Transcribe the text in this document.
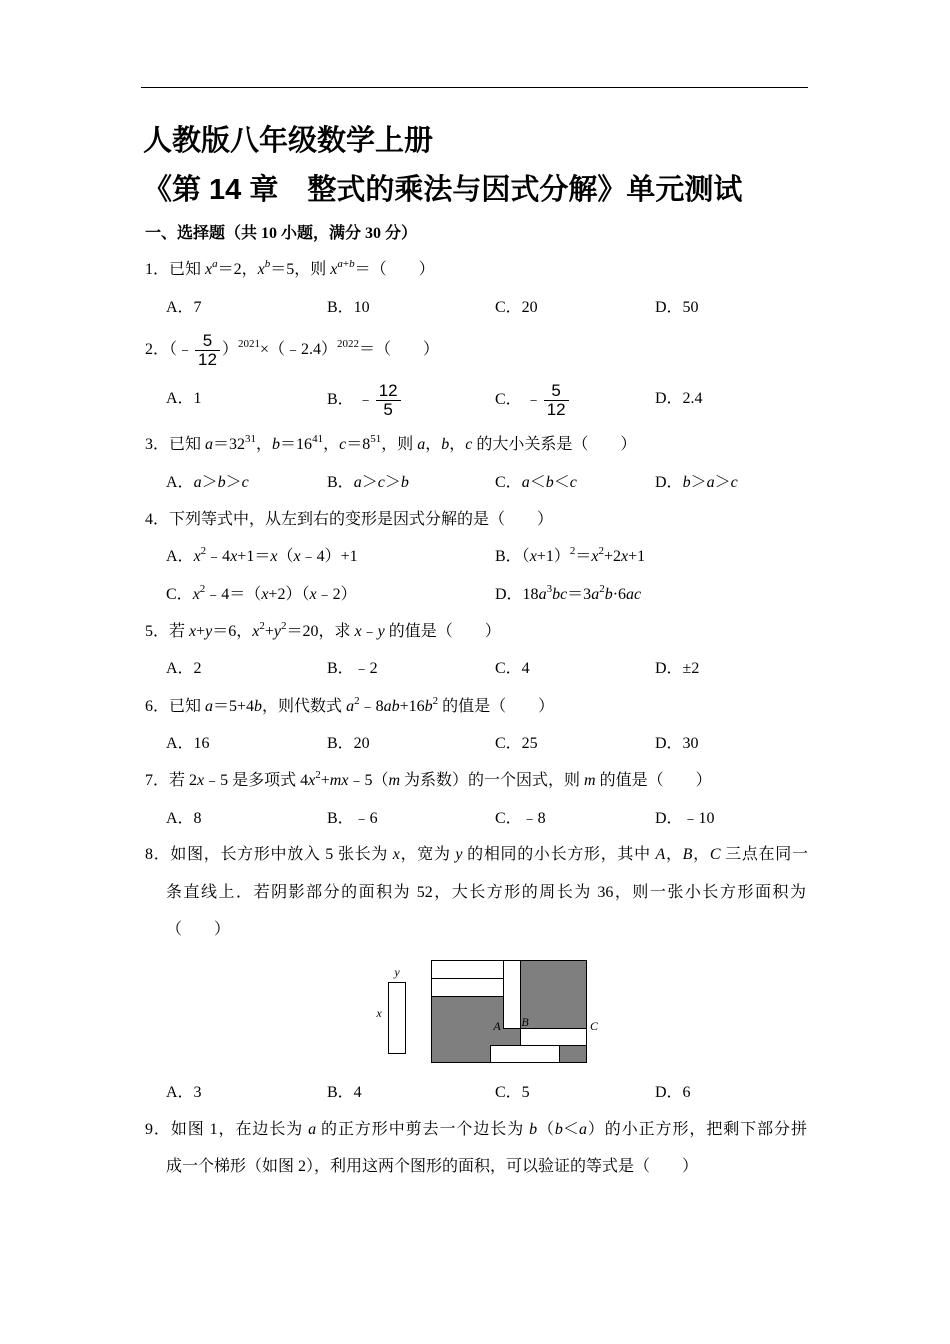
人教版八年级数学上册
《第 14 章　整式的乘法与因式分解》单元测试
一、选择题（共 10 小题，满分 30 分）
1．已知 $x^a=2$，$x^b=5$，则 $x^{a+b}=$（　　）
A．7	B．10	C．20	D．50
2．（﹣ $\frac{5}{12}$ ）$^{2021}$×（﹣2.4）$^{2022}$＝（　　）
A．1	B． ﹣ $\frac{12}{5}$	C． ﹣ $\frac{5}{12}$	D．2.4
3．已知 $a=32^{31}$，$b=16^{41}$，$c=8^{51}$，则 a，b，c 的大小关系是（　　）
A．a＞b＞c	B．a＞c＞b	C．a＜b＜c	D．b＞a＞c
4．下列等式中，从左到右的变形是因式分解的是（　　）
A．$x^2﹣4x+1=x(x﹣4)+1$	B．$(x+1)^2=x^2+2x+1$
C．$x^2﹣4=(x+2)(x﹣2)$	D．$18a^3bc=3a^2b\cdot 6ac$
5．若 x+y＝6，$x^2+y^2=20$，求 x﹣y 的值是（　　）
A．2	B．﹣2	C．4	D．±2
6．已知 a＝5+4b，则代数式 $a^2﹣8ab+16b^2$ 的值是（　　）
A．16	B．20	C．25	D．30
7．若 2x﹣5 是多项式 $4x^2+mx﹣5(m$ 为系数）的一个因式，则 m 的值是（　　）
A．8	B．﹣6	C．﹣8	D．﹣10
8．如图，长方形中放入 5 张长为 x，宽为 y 的相同的小长方形，其中 A，B，C 三点在同一
条直线上．若阴影部分的面积为 52，大长方形的周长为 36，则一张小长方形面积为
（　　）
y
x
A B	C
A．3	B．4	C．5	D．6
9．如图 1，在边长为 a 的正方形中剪去一个边长为 b（b＜a）的小正方形，把剩下部分拼
成一个梯形（如图 2），利用这两个图形的面积，可以验证的等式是（　　）
